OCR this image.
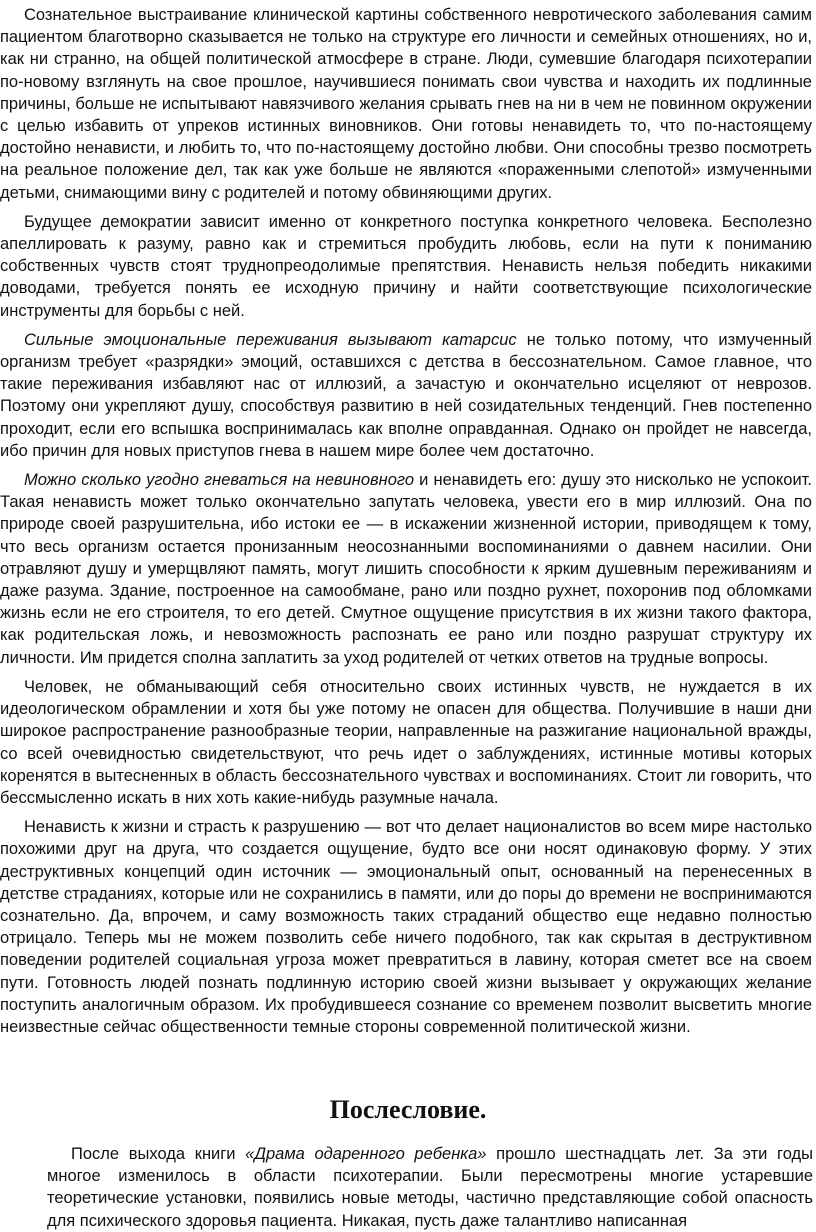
Сознательное выстраивание клинической картины собственного невротического заболевания самим пациентом благотворно сказывается не только на структуре его личности и семейных отношениях, но и, как ни странно, на общей политической атмосфере в стране. Люди, сумевшие благодаря психотерапии по-новому взглянуть на свое прошлое, научившиеся понимать свои чувства и находить их подлинные причины, больше не испытывают навязчивого желания срывать гнев на ни в чем не повинном окружении с целью избавить от упреков истинных виновников. Они готовы ненавидеть то, что по-настоящему достойно ненависти, и любить то, что по-настоящему достойно любви. Они способны трезво посмотреть на реальное положение дел, так как уже больше не являются «пораженными слепотой» измученными детьми, снимающими вину с родителей и потому обвиняющими других.

Будущее демократии зависит именно от конкретного поступка конкретного человека. Бесполезно апеллировать к разуму, равно как и стремиться пробудить любовь, если на пути к пониманию собственных чувств стоят труднопреодолимые препятствия. Ненависть нельзя победить никакими доводами, требуется понять ее исходную причину и найти соответствующие психологические инструменты для борьбы с ней.

Сильные эмоциональные переживания вызывают катарсис не только потому, что измученный организм требует «разрядки» эмоций, оставшихся с детства в бессознательном. Самое главное, что такие переживания избавляют нас от иллюзий, а зачастую и окончательно исцеляют от неврозов. Поэтому они укрепляют душу, способствуя развитию в ней созидательных тенденций. Гнев постепенно проходит, если его вспышка воспринималась как вполне оправданная. Однако он пройдет не навсегда, ибо причин для новых приступов гнева в нашем мире более чем достаточно.

Можно сколько угодно гневаться на невиновного и ненавидеть его: душу это нисколько не успокоит. Такая ненависть может только окончательно запутать человека, увести его в мир иллюзий. Она по природе своей разрушительна, ибо истоки ее — в искажении жизненной истории, приводящем к тому, что весь организм остается пронизанным неосознанными воспоминаниями о давнем насилии. Они отравляют душу и умерщвляют память, могут лишить способности к ярким душевным переживаниям и даже разума. Здание, построенное на самообмане, рано или поздно рухнет, похоронив под обломками жизнь если не его строителя, то его детей. Смутное ощущение присутствия в их жизни такого фактора, как родительская ложь, и невозможность распознать ее рано или поздно разрушат структуру их личности. Им придется сполна заплатить за уход родителей от четких ответов на трудные вопросы.

Человек, не обманывающий себя относительно своих истинных чувств, не нуждается в их идеологическом обрамлении и хотя бы уже потому не опасен для общества. Получившие в наши дни широкое распространение разнообразные теории, направленные на разжигание национальной вражды, со всей очевидностью свидетельствуют, что речь идет о заблуждениях, истинные мотивы которых коренятся в вытесненных в область бессознательного чувствах и воспоминаниях. Стоит ли говорить, что бессмысленно искать в них хоть какие-нибудь разумные начала.

Ненависть к жизни и страсть к разрушению — вот что делает националистов во всем мире настолько похожими друг на друга, что создается ощущение, будто все они носят одинаковую форму. У этих деструктивных концепций один источник — эмоциональный опыт, основанный на перенесенных в детстве страданиях, которые или не сохранились в памяти, или до поры до времени не воспринимаются сознательно. Да, впрочем, и саму возможность таких страданий общество еще недавно полностью отрицало. Теперь мы не можем позволить себе ничего подобного, так как скрытая в деструктивном поведении родителей социальная угроза может превратиться в лавину, которая сметет все на своем пути. Готовность людей познать подлинную историю своей жизни вызывает у окружающих желание поступить аналогичным образом. Их пробудившееся сознание со временем позволит высветить многие неизвестные сейчас общественности темные стороны современной политической жизни.

Послесловие.

После выхода книги «Драма одаренного ребенка» прошло шестнадцать лет. За эти годы многое изменилось в области психотерапии. Были пересмотрены многие устаревшие теоретические установки, появились новые методы, частично представляющие собой опасность для психического здоровья пациента. Никакая, пусть даже талантливо написанная
